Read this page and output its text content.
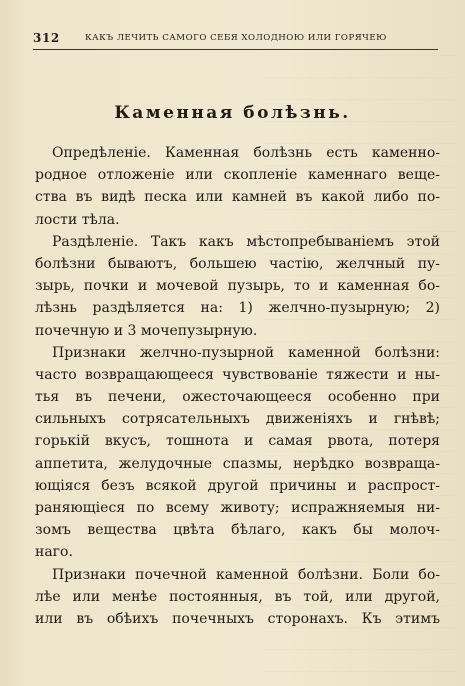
312	КАКЪ ЛЕЧИТЬ САМОГО СЕБЯ ХОЛОДНОЮ ИЛИ ГОРЯЧЕЮ
Каменная болѣзнь.
Опредѣленіе. Каменная болѣзнь есть каменно-
родное отложеніе или скопленіе каменнаго веще-
ства въ видѣ песка или камней въ какой либо по-
лости тѣла.
Раздѣленіе. Такъ какъ мѣстопребываніемъ этой
болѣзни бываютъ, большею частію, желчный пу-
зырь, почки и мочевой пузырь, то и каменная бо-
лѣзнь раздѣляется на: 1) желчно-пузырную; 2)
почечную и 3 мочепузырную.
Признаки желчно-пузырной каменной болѣзни:
часто возвращающееся чувствованіе тяжести и ны-
тья въ печени, ожесточающееся особенно при
сильныхъ сотрясательныхъ движеніяхъ и гнѣвѣ;
горькій вкусъ, тошнота и самая рвота, потеря
аппетита, желудочные спазмы, нерѣдко возвраща-
ющіяся безъ всякой другой причины и распрост-
раняющіеся по всему животу; испражняемыя ни-
зомъ вещества цвѣта бѣлаго, какъ бы молоч-
наго.
Признаки почечной каменной болѣзни. Боли бо-
лѣе или менѣе постоянныя, въ той, или другой,
или въ обѣихъ почечныхъ сторонахъ. Къ этимъ
